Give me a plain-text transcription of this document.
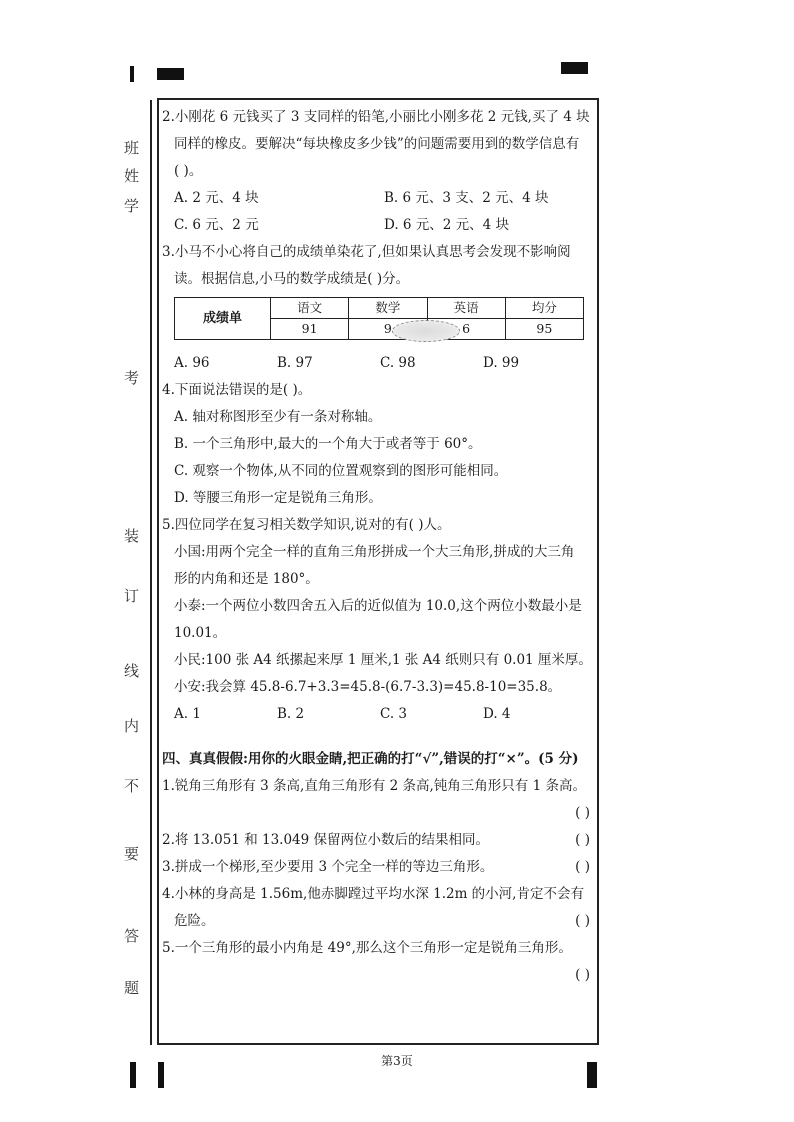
班
姓
学
考
装
订
线
内
不
要
答
题
2.小刚花 6 元钱买了 3 支同样的铅笔,小丽比小刚多花 2 元钱,买了 4 块
同样的橡皮。要解决“每块橡皮多少钱”的问题需要用到的数学信息有
( )。
A. 2 元、4 块	B. 6 元、3 支、2 元、4 块
C. 6 元、2 元	D. 6 元、2 元、4 块
3.小马不小心将自己的成绩单染花了,但如果认真思考会发现不影响阅
读。根据信息,小马的数学成绩是( )分。
成绩单	语文	数学	英语	均分
	91	9	6	95
A. 96	B. 97	C. 98	D. 99
4.下面说法错误的是( )。
A. 轴对称图形至少有一条对称轴。
B. 一个三角形中,最大的一个角大于或者等于 60°。
C. 观察一个物体,从不同的位置观察到的图形可能相同。
D. 等腰三角形一定是锐角三角形。
5.四位同学在复习相关数学知识,说对的有( )人。
小国:用两个完全一样的直角三角形拼成一个大三角形,拼成的大三角
形的内角和还是 180°。
小泰:一个两位小数四舍五入后的近似值为 10.0,这个两位小数最小是
10.01。
小民:100 张 A4 纸摞起来厚 1 厘米,1 张 A4 纸则只有 0.01 厘米厚。
小安:我会算 45.8-6.7+3.3=45.8-(6.7-3.3)=45.8-10=35.8。
A. 1	B. 2	C. 3	D. 4
四、真真假假:用你的火眼金睛,把正确的打“√”,错误的打“×”。(5 分)
1.锐角三角形有 3 条高,直角三角形有 2 条高,钝角三角形只有 1 条高。
( )
2.将 13.051 和 13.049 保留两位小数后的结果相同。	( )
3.拼成一个梯形,至少要用 3 个完全一样的等边三角形。	( )
4.小林的身高是 1.56m,他赤脚蹚过平均水深 1.2m 的小河,肯定不会有
危险。	( )
5.一个三角形的最小内角是 49°,那么这个三角形一定是锐角三角形。
( )
第3页
